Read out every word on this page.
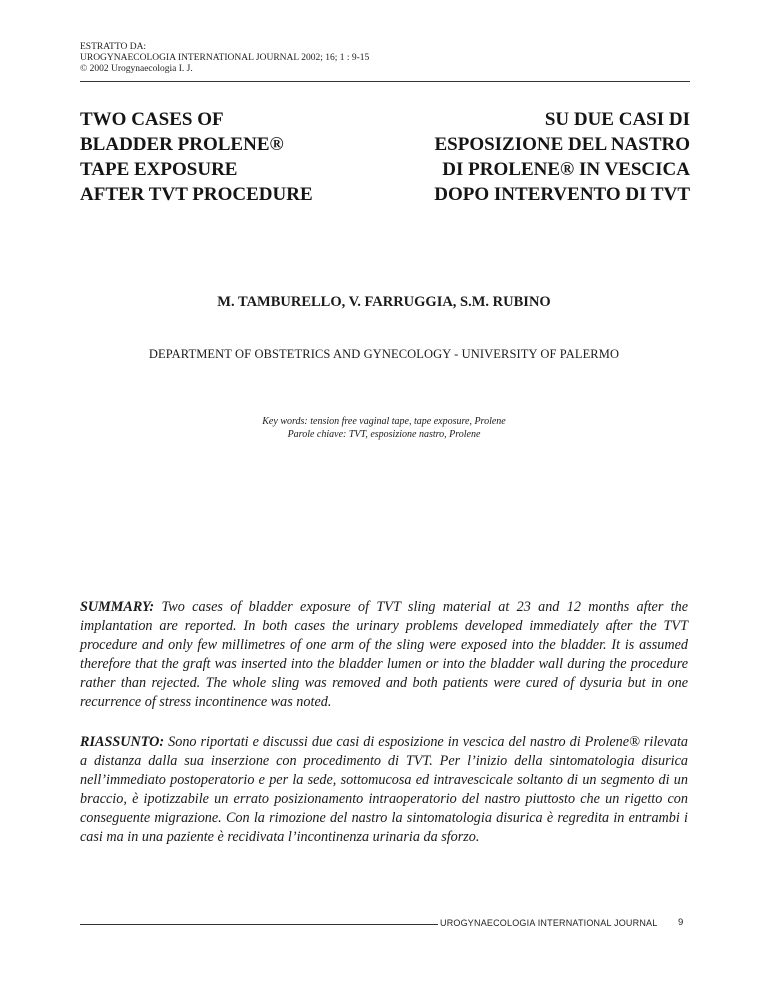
ESTRATTO DA:
UROGYNAECOLOGIA INTERNATIONAL JOURNAL 2002; 16; 1 : 9-15
© 2002 Urogynaecologia I. J.
TWO CASES OF
BLADDER PROLENE®
TAPE EXPOSURE
AFTER TVT PROCEDURE
SU DUE CASI DI
ESPOSIZIONE DEL NASTRO
DI PROLENE® IN VESCICA
DOPO INTERVENTO DI TVT
M. TAMBURELLO, V. FARRUGGIA, S.M. RUBINO
DEPARTMENT OF OBSTETRICS AND GYNECOLOGY - UNIVERSITY OF PALERMO
Key words: tension free vaginal tape, tape exposure, Prolene
Parole chiave: TVT, esposizione nastro, Prolene
SUMMARY: Two cases of bladder exposure of TVT sling material at 23 and 12 months after the implantation are reported. In both cases the urinary problems developed immediately after the TVT procedure and only few millimetres of one arm of the sling were exposed into the bladder. It is assumed therefore that the graft was inserted into the bladder lumen or into the bladder wall during the procedure rather than rejected. The whole sling was removed and both patients were cured of dysuria but in one recurrence of stress incontinence was noted.
RIASSUNTO: Sono riportati e discussi due casi di esposizione in vescica del nastro di Prolene® rilevata a distanza dalla sua inserzione con procedimento di TVT. Per l’inizio della sintomatologia disurica nell’immediato postoperatorio e per la sede, sottomucosa ed intravescicale soltanto di un segmento di un braccio, è ipotizzabile un errato posizionamento intraoperatorio del nastro piuttosto che un rigetto con conseguente migrazione. Con la rimozione del nastro la sintomatologia disurica è regredita in entrambi i casi ma in una paziente è recidivata l’incontinenza urinaria da sforzo.
UROGYNAECOLOGIA INTERNATIONAL JOURNAL 9
